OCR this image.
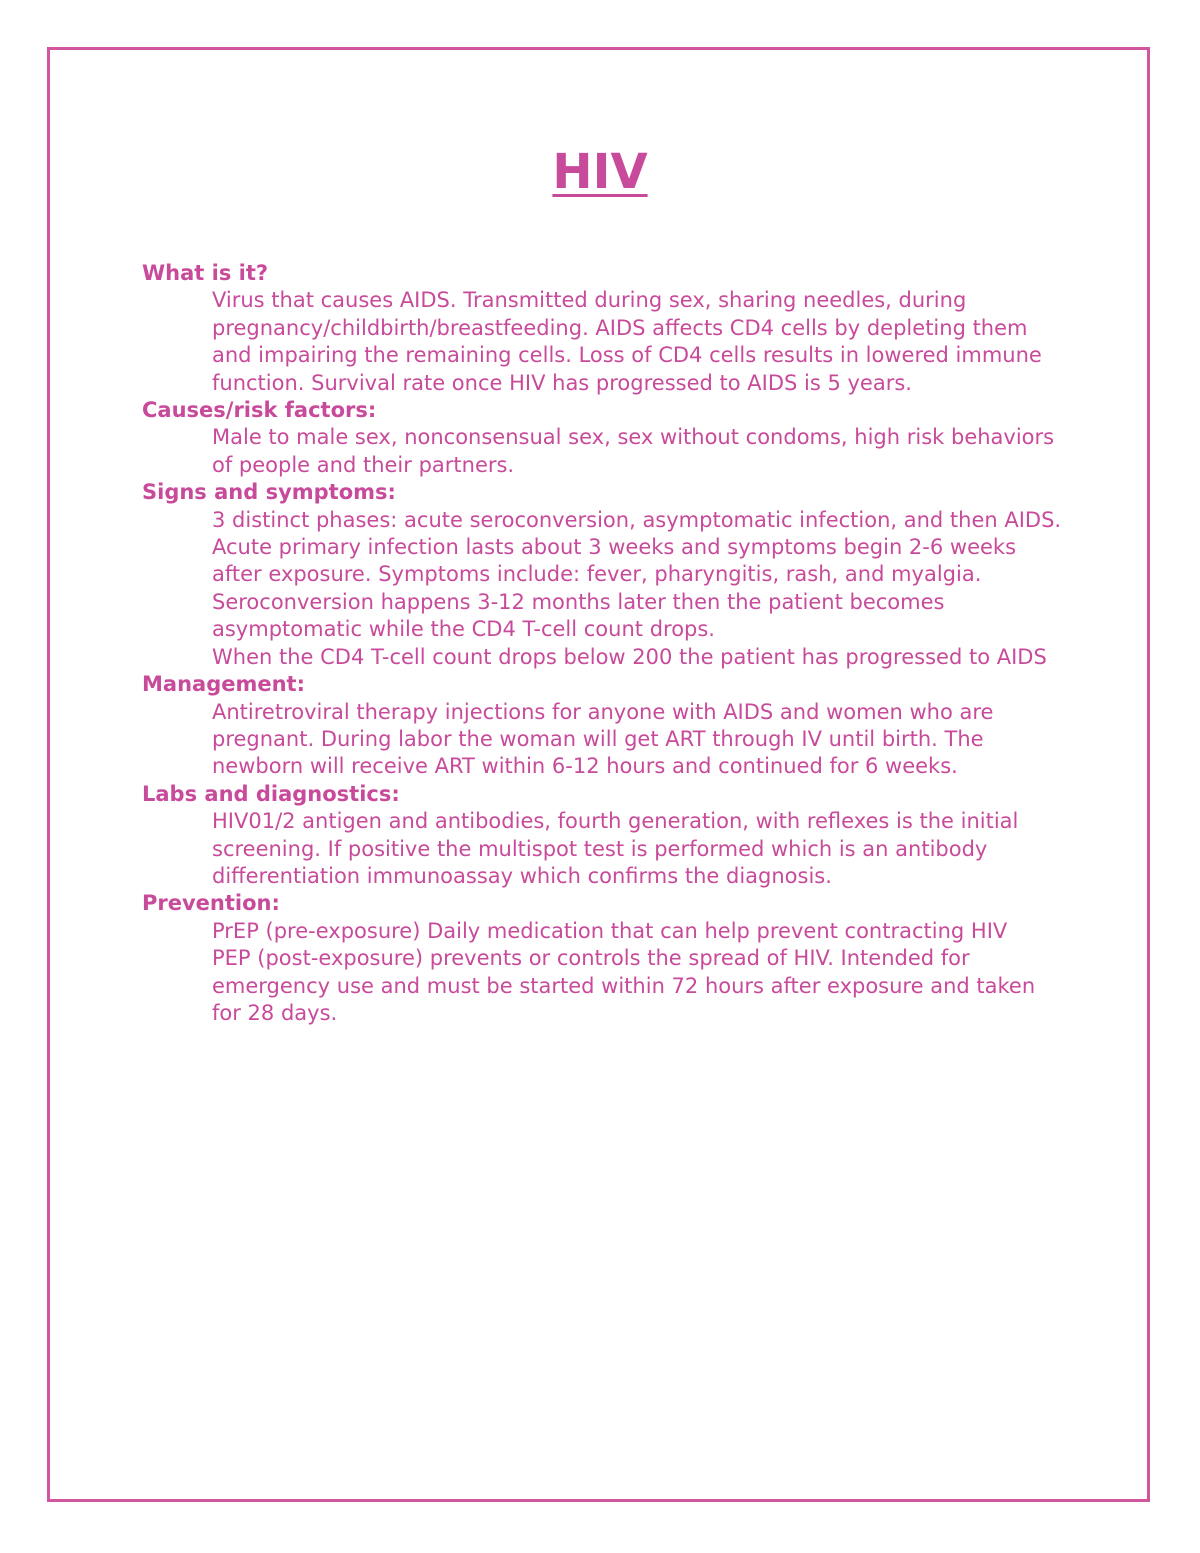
HIV

What is it?

Virus that causes AIDS. Transmitted during sex, sharing needles, during pregnancy/childbirth/breastfeeding. AIDS affects CD4 cells by depleting them and impairing the remaining cells. Loss of CD4 cells results in lowered immune function. Survival rate once HIV has progressed to AIDS is 5 years.

Causes/risk factors:

Male to male sex, nonconsensual sex, sex without condoms, high risk behaviors of people and their partners.

Signs and symptoms:

3 distinct phases: acute seroconversion, asymptomatic infection, and then AIDS.

Acute primary infection lasts about 3 weeks and symptoms begin 2-6 weeks after exposure. Symptoms include: fever, pharyngitis, rash, and myalgia.

Seroconversion happens 3-12 months later then the patient becomes asymptomatic while the CD4 T-cell count drops.

When the CD4 T-cell count drops below 200 the patient has progressed to AIDS

Management:

Antiretroviral therapy injections for anyone with AIDS and women who are pregnant. During labor the woman will get ART through IV until birth. The newborn will receive ART within 6-12 hours and continued for 6 weeks.

Labs and diagnostics:

HIV01/2 antigen and antibodies, fourth generation, with reflexes is the initial screening. If positive the multispot test is performed which is an antibody differentiation immunoassay which confirms the diagnosis.

Prevention:

PrEP (pre-exposure) Daily medication that can help prevent contracting HIV

PEP (post-exposure) prevents or controls the spread of HIV. Intended for emergency use and must be started within 72 hours after exposure and taken for 28 days.
